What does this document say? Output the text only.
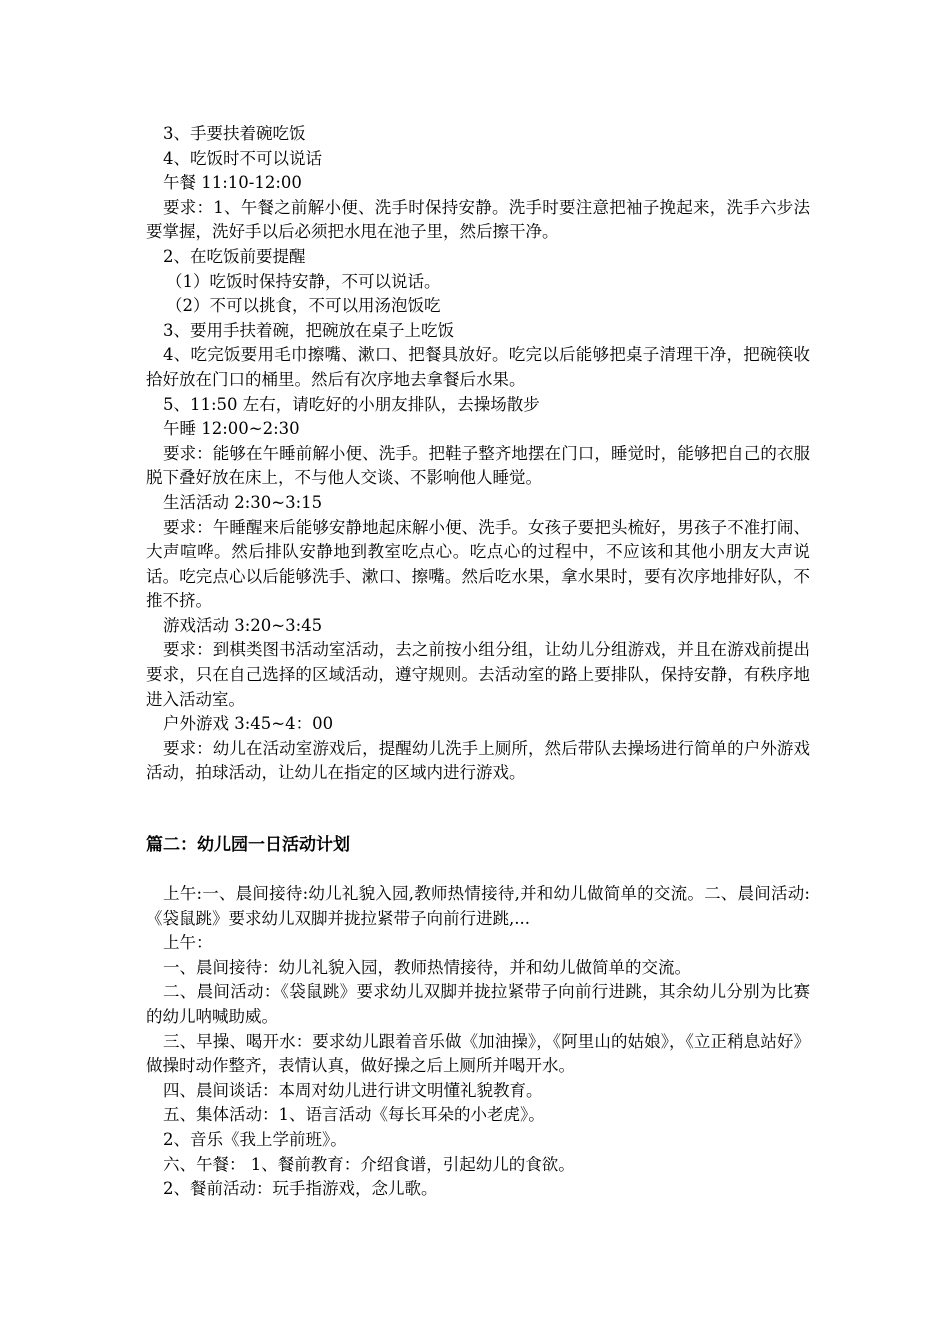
3、手要扶着碗吃饭

4、吃饭时不可以说话

午餐 11:10-12:00

要求：1、午餐之前解小便、洗手时保持安静。洗手时要注意把袖子挽起来，洗手六步法要掌握，洗好手以后必须把水甩在池子里，然后擦干净。

2、在吃饭前要提醒

（1）吃饭时保持安静，不可以说话。

（2）不可以挑食，不可以用汤泡饭吃

3、要用手扶着碗，把碗放在桌子上吃饭

4、吃完饭要用毛巾擦嘴、漱口、把餐具放好。吃完以后能够把桌子清理干净，把碗筷收拾好放在门口的桶里。然后有次序地去拿餐后水果。

5、11:50 左右，请吃好的小朋友排队，去操场散步

午睡 12:00~2:30

要求：能够在午睡前解小便、洗手。把鞋子整齐地摆在门口，睡觉时，能够把自己的衣服脱下叠好放在床上，不与他人交谈、不影响他人睡觉。

生活活动 2:30~3:15

要求：午睡醒来后能够安静地起床解小便、洗手。女孩子要把头梳好，男孩子不准打闹、大声喧哗。然后排队安静地到教室吃点心。吃点心的过程中，不应该和其他小朋友大声说话。吃完点心以后能够洗手、漱口、擦嘴。然后吃水果，拿水果时，要有次序地排好队，不推不挤。

游戏活动 3:20~3:45

要求：到棋类图书活动室活动，去之前按小组分组，让幼儿分组游戏，并且在游戏前提出要求，只在自己选择的区域活动，遵守规则。去活动室的路上要排队，保持安静，有秩序地进入活动室。

户外游戏 3:45~4：00

要求：幼儿在活动室游戏后，提醒幼儿洗手上厕所，然后带队去操场进行简单的户外游戏活动，拍球活动，让幼儿在指定的区域内进行游戏。

篇二：幼儿园一日活动计划

上午:一、晨间接待:幼儿礼貌入园,教师热情接待,并和幼儿做简单的交流。二、晨间活动:《袋鼠跳》要求幼儿双脚并拢拉紧带子向前行进跳,...

上午：

一、晨间接待：幼儿礼貌入园，教师热情接待，并和幼儿做简单的交流。

二、晨间活动：《袋鼠跳》要求幼儿双脚并拢拉紧带子向前行进跳，其余幼儿分别为比赛的幼儿呐喊助威。

三、早操、喝开水：要求幼儿跟着音乐做《加油操》，《阿里山的姑娘》，《立正稍息站好》做操时动作整齐，表情认真，做好操之后上厕所并喝开水。

四、晨间谈话：本周对幼儿进行讲文明懂礼貌教育。

五、集体活动：1、语言活动《每长耳朵的小老虎》。

2、音乐《我上学前班》。

六、午餐： 1、餐前教育：介绍食谱，引起幼儿的食欲。

2、餐前活动：玩手指游戏，念儿歌。
